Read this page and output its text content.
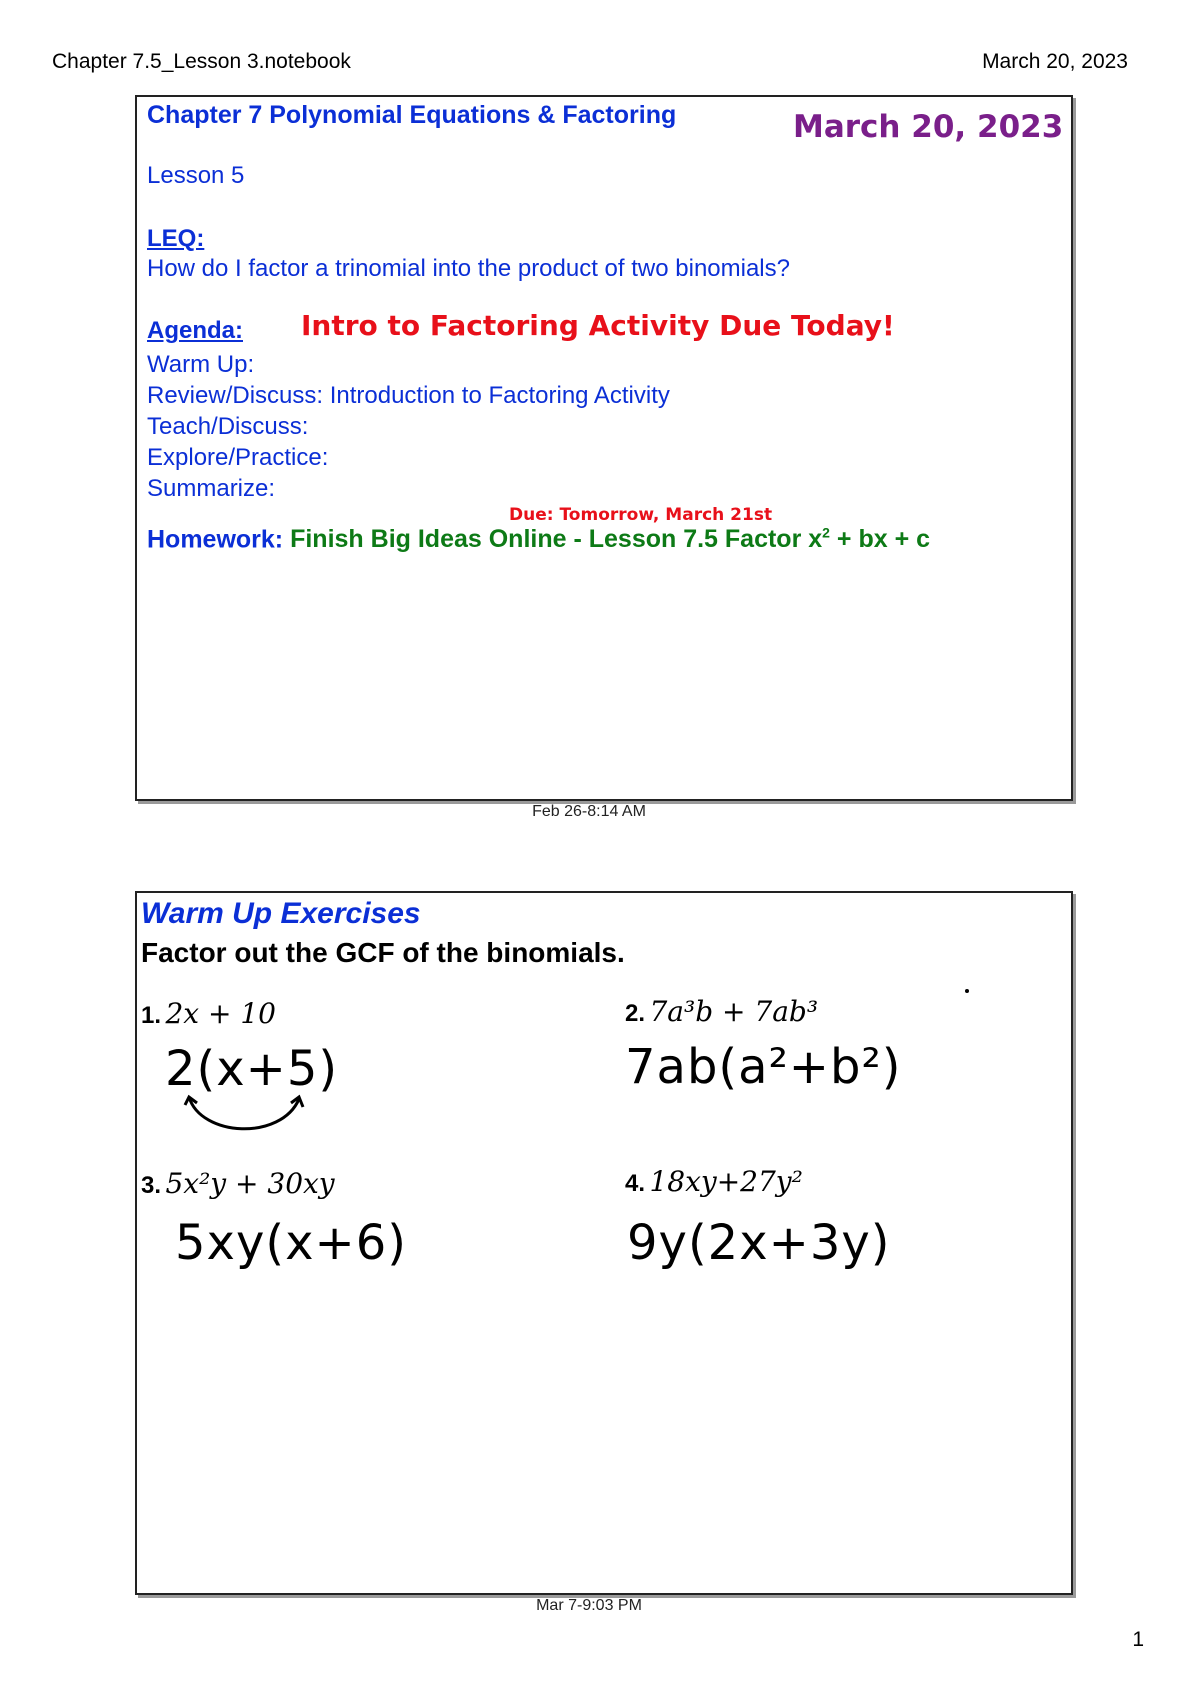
Chapter 7.5_Lesson 3.notebook	March 20, 2023
Chapter 7 Polynomial Equations & Factoring	March 20, 2023
Lesson 5
LEQ:
How do I factor a trinomial into the product of two binomials?
Agenda: Intro to Factoring Activity Due Today!
Warm Up:
Review/Discuss: Introduction to Factoring Activity
Teach/Discuss:
Explore/Practice:
Summarize:
Due: Tomorrow, March 21st
Homework: Finish Big Ideas Online - Lesson 7.5 Factor $x^2$ + bx + c
Feb 26-8:14 AM
Warm Up Exercises
Factor out the GCF of the binomials.
1. 2x + 10
2(x+5)
2. 7a³b + 7ab³
7ab(a²+b²)
3. 5x²y + 30xy
5xy(x+6)
4. 18xy+27y²
9y(2x+3y)
Mar 7-9:03 PM
1
